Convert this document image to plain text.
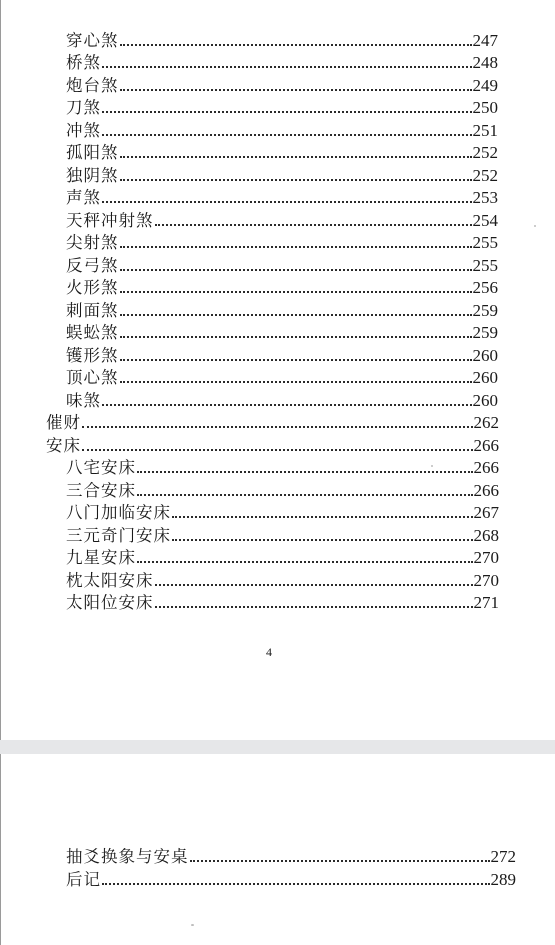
穿心煞	247
桥煞	248
炮台煞	249
刀煞	250
冲煞	251
孤阳煞	252
独阴煞	252
声煞	253
天秤冲射煞	254
尖射煞	255
反弓煞	255
火形煞	256
刺面煞	259
蜈蚣煞	259
镬形煞	260
顶心煞	260
味煞	260
催财	262
安床	266
八宅安床	266
三合安床	266
八门加临安床	267
三元奇门安床	268
九星安床	270
枕太阳安床	270
太阳位安床	271
4
抽爻换象与安桌	272
后记	289
